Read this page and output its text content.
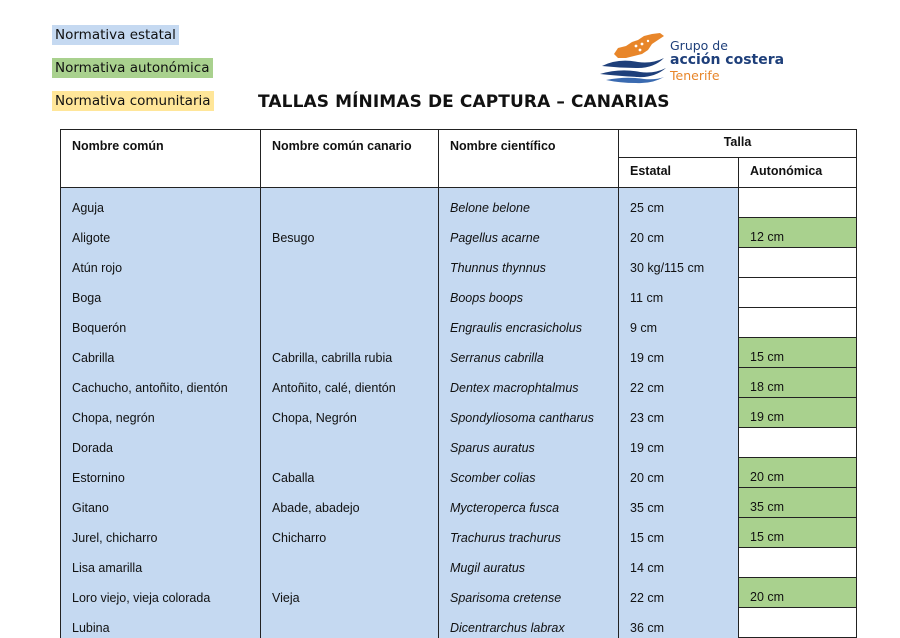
Normativa estatal
Normativa autonómica
Normativa comunitaria
Grupo de
acción costera
Tenerife
TALLAS MÍNIMAS DE CAPTURA – CANARIAS
Nombre común	Nombre común canario	Nombre científico	Talla	
			Estatal	Autonómica
Aguja		Belone belone	25 cm	
Aligote	Besugo	Pagellus acarne	20 cm	12 cm
Atún rojo		Thunnus thynnus	30 kg/115 cm	
Boga		Boops boops	11 cm	
Boquerón		Engraulis encrasicholus	9 cm	
Cabrilla	Cabrilla, cabrilla rubia	Serranus cabrilla	19 cm	15 cm
Cachucho, antoñito, dientón	Antoñito, calé, dientón	Dentex macrophtalmus	22 cm	18 cm
Chopa, negrón	Chopa, Negrón	Spondyliosoma cantharus	23 cm	19 cm
Dorada		Sparus auratus	19 cm	
Estornino	Caballa	Scomber colias	20 cm	20 cm
Gitano	Abade, abadejo	Mycteroperca fusca	35 cm	35 cm
Jurel, chicharro	Chicharro	Trachurus trachurus	15 cm	15 cm
Lisa amarilla		Mugil auratus	14 cm	
Loro viejo, vieja colorada	Vieja	Sparisoma cretense	22 cm	20 cm
Lubina		Dicentrarchus labrax	36 cm	
